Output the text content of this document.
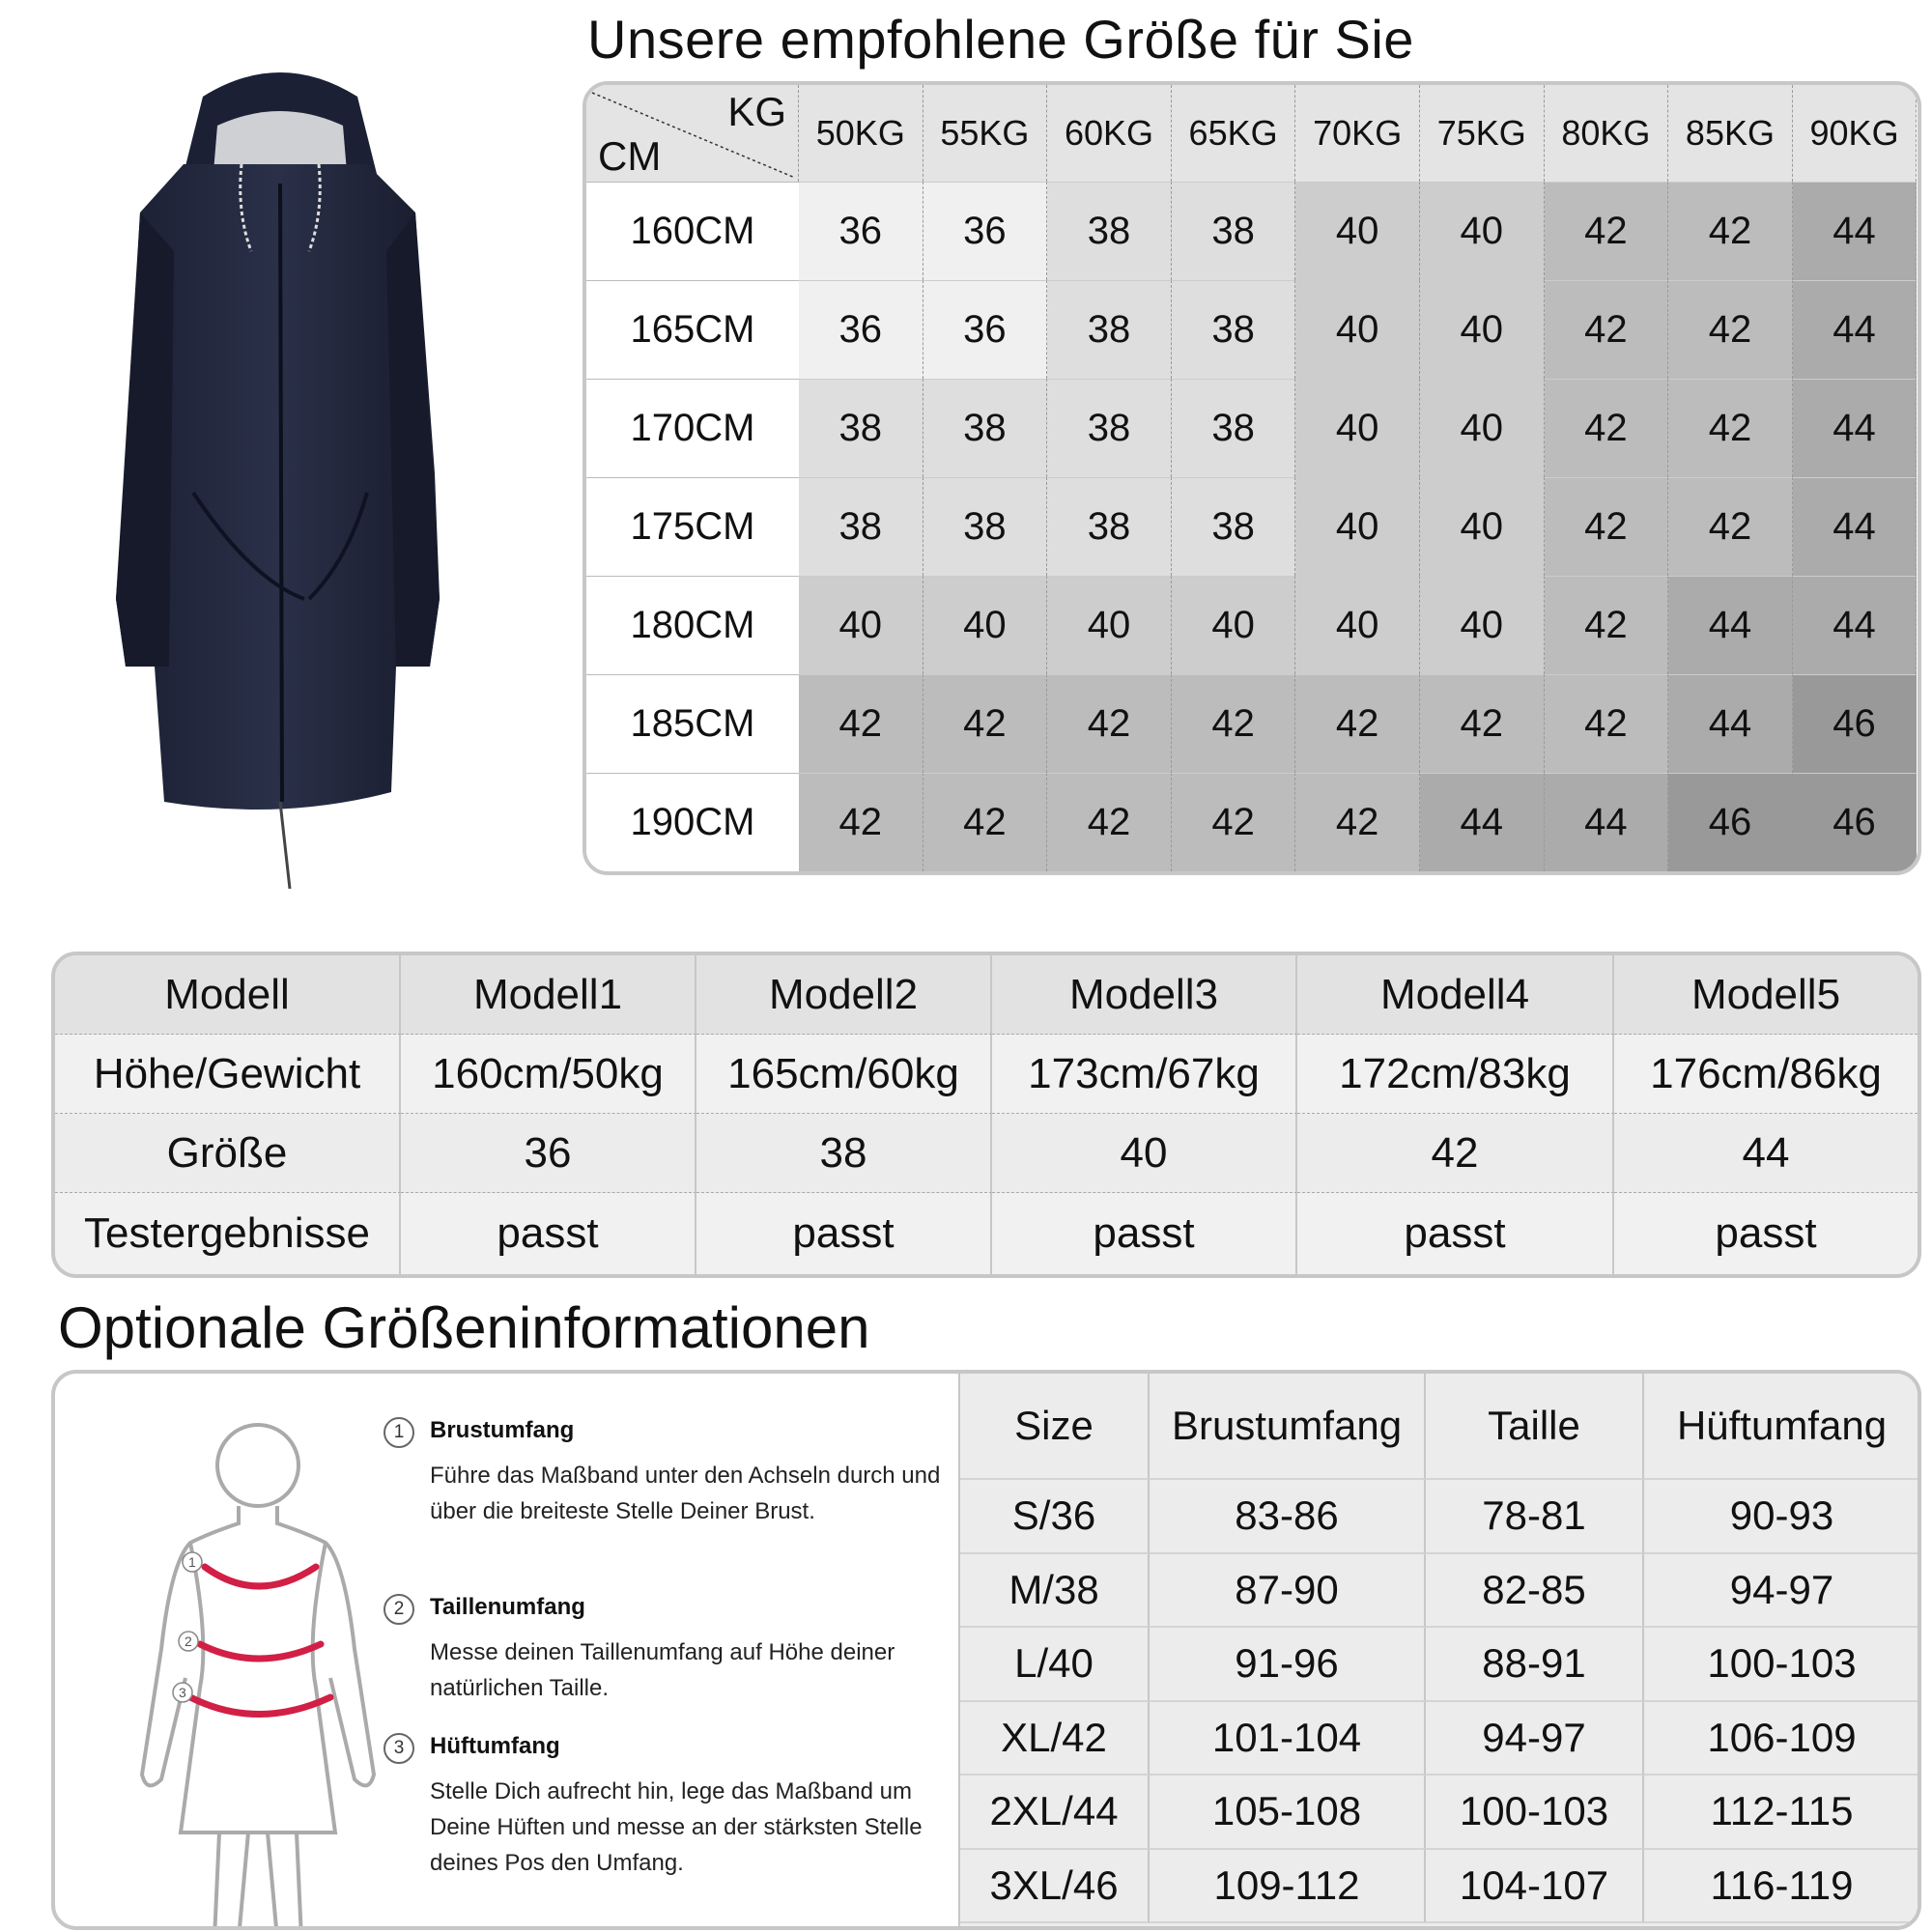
Unsere empfohlene Größe für Sie
KG
CM
50KG	55KG	60KG	65KG	70KG	75KG	80KG	85KG	90KG
160CM	36	36	38	38	40	40	42	42	44
165CM	36	36	38	38	40	40	42	42	44
170CM	38	38	38	38	40	40	42	42	44
175CM	38	38	38	38	40	40	42	42	44
180CM	40	40	40	40	40	40	42	44	44
185CM	42	42	42	42	42	42	42	44	46
190CM	42	42	42	42	42	44	44	46	46
Modell	Modell1	Modell2	Modell3	Modell4	Modell5
Höhe/Gewicht	160cm/50kg	165cm/60kg	173cm/67kg	172cm/83kg	176cm/86kg
Größe	36	38	40	42	44
Testergebnisse	passt	passt	passt	passt	passt
Optionale Größeninformationen
1
2
3
1	Brustumfang
Führe das Maßband unter den Achseln durch und über die breiteste Stelle Deiner Brust.
2	Taillenumfang
Messe deinen Taillenumfang auf Höhe deiner natürlichen Taille.
3	Hüftumfang
Stelle Dich aufrecht hin, lege das Maßband um Deine Hüften und messe an der stärksten Stelle deines Pos den Umfang.
Size	Brustumfang	Taille	Hüftumfang
S/36	83-86	78-81	90-93
M/38	87-90	82-85	94-97
L/40	91-96	88-91	100-103
XL/42	101-104	94-97	106-109
2XL/44	105-108	100-103	112-115
3XL/46	109-112	104-107	116-119
